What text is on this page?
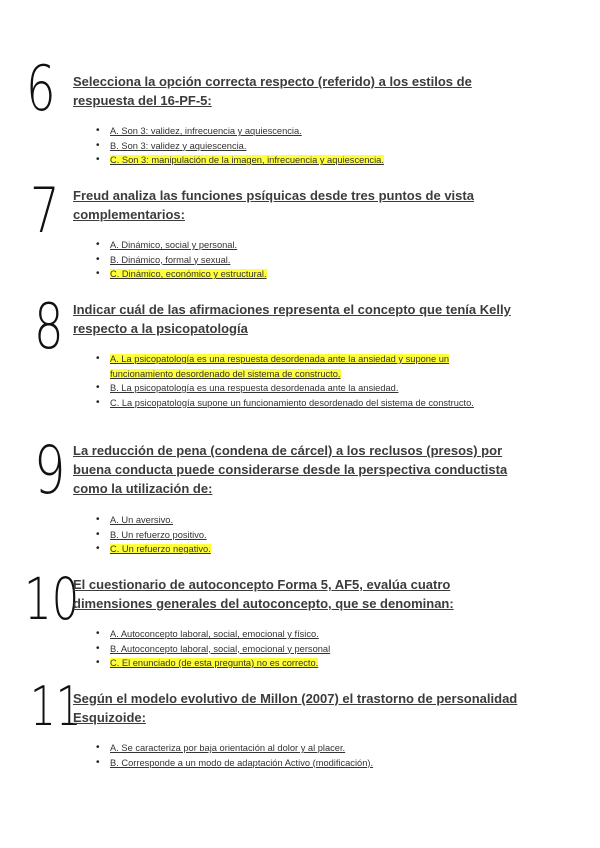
6 Selecciona la opción correcta respecto (referido) a los estilos de respuesta del 16-PF-5:
• A. Son 3: validez, infrecuencia y aquiescencia.
• B. Son 3: validez y aquiescencia.
• C. Son 3: manipulación de la imagen, infrecuencia y aquiescencia.
7 Freud analiza las funciones psíquicas desde tres puntos de vista complementarios:
• A. Dinámico, social y personal.
• B. Dinámico, formal y sexual.
• C. Dinámico, económico y estructural.
8 Indicar cuál de las afirmaciones representa el concepto que tenía Kelly respecto a la psicopatología
• A. La psicopatología es una respuesta desordenada ante la ansiedad y supone un funcionamiento desordenado del sistema de constructo.
• B. La psicopatología es una respuesta desordenada ante la ansiedad.
• C. La psicopatología supone un funcionamiento desordenado del sistema de constructo.
9 La reducción de pena (condena de cárcel) a los reclusos (presos) por buena conducta puede considerarse desde la perspectiva conductista como la utilización de:
• A. Un aversivo.
• B. Un refuerzo positivo.
• C. Un refuerzo negativo.
10
El cuestionario de autoconcepto Forma 5, AF5, evalúa cuatro dimensiones generales del autoconcepto, que se denominan:
• A. Autoconcepto laboral, social, emocional y físico.
• B. Autoconcepto laboral, social, emocional y personal
• C. El enunciado (de esta pregunta) no es correcto.
11
Según el modelo evolutivo de Millon (2007) el trastorno de personalidad Esquizoide:
• A. Se caracteriza por baja orientación al dolor y al placer.
• B. Corresponde a un modo de adaptación Activo (modificación).
